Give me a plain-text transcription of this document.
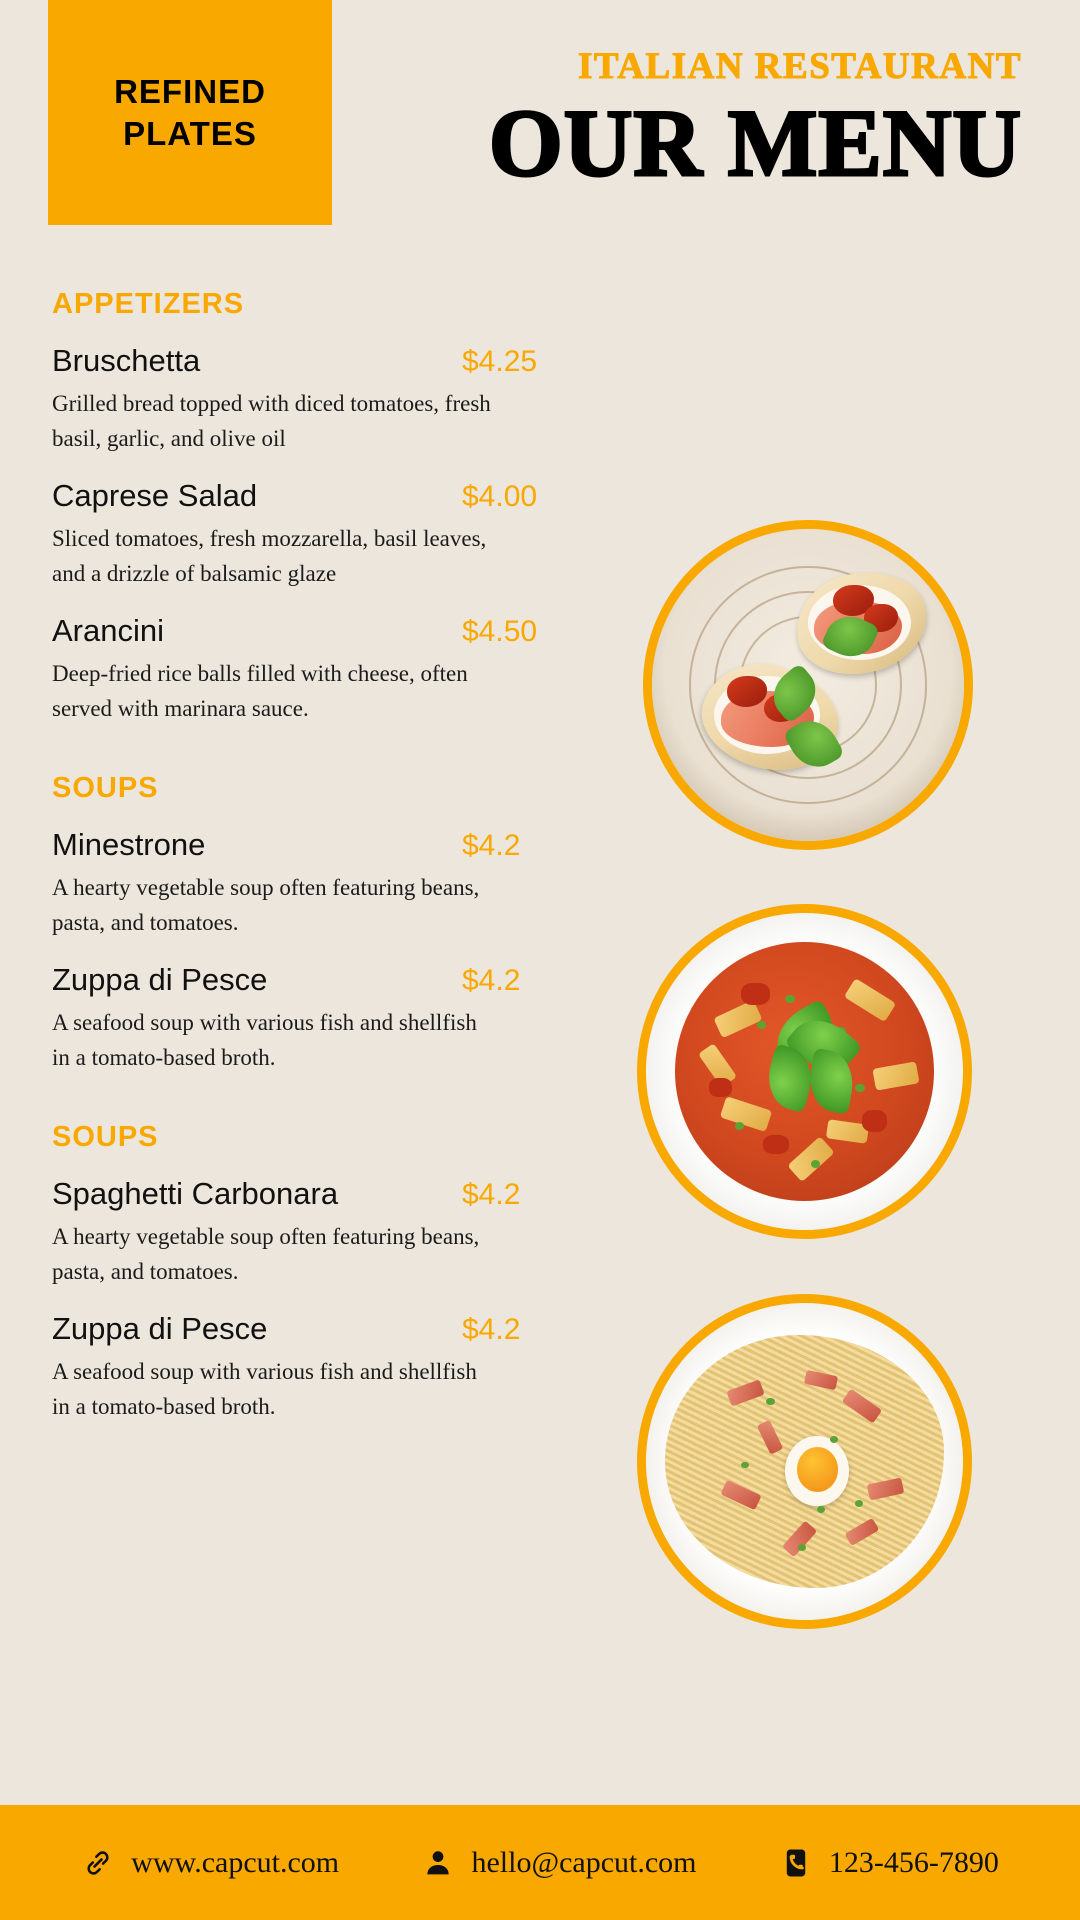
REFINED
PLATES
ITALIAN RESTAURANT
OUR MENU
APPETIZERS
Bruschetta	$4.25
Grilled bread topped with diced tomatoes, fresh basil, garlic, and olive oil
Caprese Salad	$4.00
Sliced tomatoes, fresh mozzarella, basil leaves, and a drizzle of balsamic glaze
Arancini	$4.50
Deep-fried rice balls filled with cheese, often served with marinara sauce.
SOUPS
Minestrone	$4.2
A hearty vegetable soup often featuring beans, pasta, and tomatoes.
Zuppa di Pesce	$4.2
A seafood soup with various fish and shellfish in a tomato-based broth.
SOUPS
Spaghetti Carbonara	$4.2
A hearty vegetable soup often featuring beans, pasta, and tomatoes.
Zuppa di Pesce	$4.2
A seafood soup with various fish and shellfish in a tomato-based broth.
www.capcut.com	hello@capcut.com	123-456-7890
